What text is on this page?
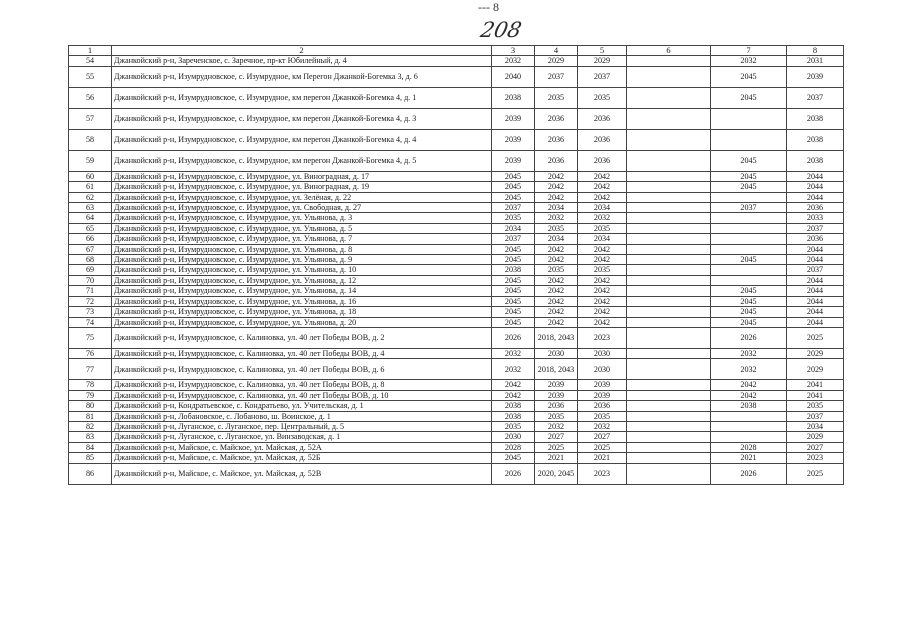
--- 8
208
1	2	3	4	5	6	7	8
54	Джанкойский р-н, Зареченское, с. Заречное, пр-кт Юбилейный, д. 4	2032	2029	2029		2032	2031
55	Джанкойский р-н, Изумрудновское, с. Изумрудное, км Перегон Джанкой-Богемка 3, д. 6	2040	2037	2037		2045	2039
56	Джанкойский р-н, Изумрудновское, с. Изумрудное, км перегон Джанкой-Богемка 4, д. 1	2038	2035	2035		2045	2037
57	Джанкойский р-н, Изумрудновское, с. Изумрудное, км перегон Джанкой-Богемка 4, д. 3	2039	2036	2036			2038
58	Джанкойский р-н, Изумрудновское, с. Изумрудное, км перегон Джанкой-Богемка 4, д. 4	2039	2036	2036			2038
59	Джанкойский р-н, Изумрудновское, с. Изумрудное, км перегон Джанкой-Богемка 4, д. 5	2039	2036	2036		2045	2038
60	Джанкойский р-н, Изумрудновское, с. Изумрудное, ул. Виноградная, д. 17	2045	2042	2042		2045	2044
61	Джанкойский р-н, Изумрудновское, с. Изумрудное, ул. Виноградная, д. 19	2045	2042	2042		2045	2044
62	Джанкойский р-н, Изумрудновское, с. Изумрудное, ул. Зелёная, д. 22	2045	2042	2042			2044
63	Джанкойский р-н, Изумрудновское, с. Изумрудное, ул. Свободная, д. 27	2037	2034	2034		2037	2036
64	Джанкойский р-н, Изумрудновское, с. Изумрудное, ул. Ульянова, д. 3	2035	2032	2032			2033
65	Джанкойский р-н, Изумрудновское, с. Изумрудное, ул. Ульянова, д. 5	2034	2035	2035			2037
66	Джанкойский р-н, Изумрудновское, с. Изумрудное, ул. Ульянова, д. 7	2037	2034	2034			2036
67	Джанкойский р-н, Изумрудновское, с. Изумрудное, ул. Ульянова, д. 8	2045	2042	2042			2044
68	Джанкойский р-н, Изумрудновское, с. Изумрудное, ул. Ульянова, д. 9	2045	2042	2042		2045	2044
69	Джанкойский р-н, Изумрудновское, с. Изумрудное, ул. Ульянова, д. 10	2038	2035	2035			2037
70	Джанкойский р-н, Изумрудновское, с. Изумрудное, ул. Ульянова, д. 12	2045	2042	2042			2044
71	Джанкойский р-н, Изумрудновское, с. Изумрудное, ул. Ульянова, д. 14	2045	2042	2042		2045	2044
72	Джанкойский р-н, Изумрудновское, с. Изумрудное, ул. Ульянова, д. 16	2045	2042	2042		2045	2044
73	Джанкойский р-н, Изумрудновское, с. Изумрудное, ул. Ульянова, д. 18	2045	2042	2042		2045	2044
74	Джанкойский р-н, Изумрудновское, с. Изумрудное, ул. Ульянова, д. 20	2045	2042	2042		2045	2044
75	Джанкойский р-н, Изумрудновское, с. Калиновка, ул. 40 лет Победы ВОВ, д. 2	2026	2018, 2043	2023		2026	2025
76	Джанкойский р-н, Изумрудновское, с. Калиновка, ул. 40 лет Победы ВОВ, д. 4	2032	2030	2030		2032	2029
77	Джанкойский р-н, Изумрудновское, с. Калиновка, ул. 40 лет Победы ВОВ, д. 6	2032	2018, 2043	2030		2032	2029
78	Джанкойский р-н, Изумрудновское, с. Калиновка, ул. 40 лет Победы ВОВ, д. 8	2042	2039	2039		2042	2041
79	Джанкойский р-н, Изумрудновское, с. Калиновка, ул. 40 лет Победы ВОВ, д. 10	2042	2039	2039		2042	2041
80	Джанкойский р-н, Кондратьевское, с. Кондратьево, ул. Учительская, д. 1	2038	2036	2036		2038	2035
81	Джанкойский р-н, Лобановское, с. Лобаново, ш. Воинское, д. 1	2038	2035	2035			2037
82	Джанкойский р-н, Луганское, с. Луганское, пер. Центральный, д. 5	2035	2032	2032			2034
83	Джанкойский р-н, Луганское, с. Луганское, ул. Винзаводская, д. 1	2030	2027	2027			2029
84	Джанкойский р-н, Майское, с. Майское, ул. Майская, д. 52А	2028	2025	2025		2028	2027
85	Джанкойский р-н, Майское, с. Майское, ул. Майская, д. 52Б	2045	2021	2021		2021	2023
86	Джанкойский р-н, Майское, с. Майское, ул. Майская, д. 52В	2026	2020, 2045	2023		2026	2025
